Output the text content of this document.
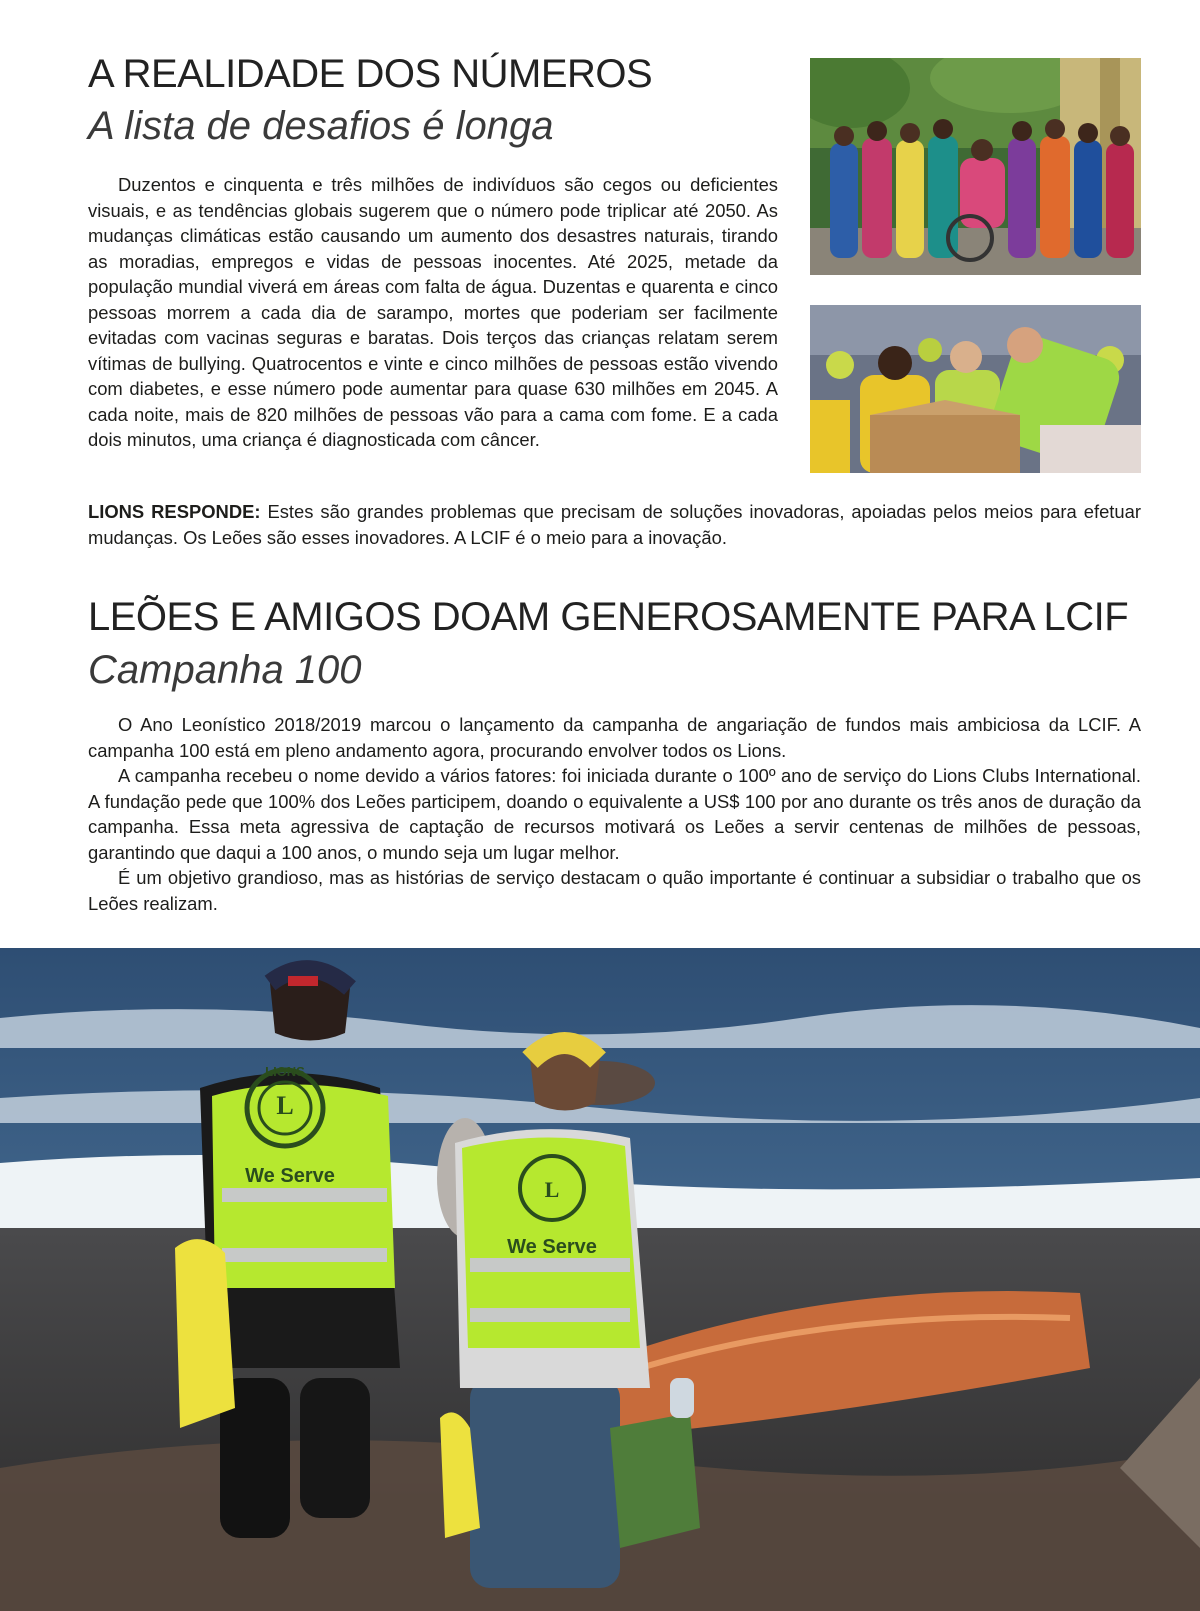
A REALIDADE DOS NÚMEROS
A lista de desafios é longa

Duzentos e cinquenta e três milhões de indivíduos são cegos ou deficientes visuais, e as tendências globais sugerem que o número pode triplicar até 2050. As mudanças climáticas estão causando um aumento dos desastres naturais, tirando as moradias, empregos e vidas de pessoas inocentes. Até 2025, metade da população mundial viverá em áreas com falta de água. Duzentas e quarenta e cinco pessoas morrem a cada dia de sarampo, mortes que poderiam ser facilmente evitadas com vacinas seguras e baratas. Dois terços das crianças relatam serem vítimas de bullying. Quatrocentos e vinte e cinco milhões de pessoas estão vivendo com diabetes, e esse número pode aumentar para quase 630 milhões em 2045. A cada noite, mais de 820 milhões de pessoas vão para a cama com fome. E a cada dois minutos, uma criança é diagnosticada com câncer.

LIONS RESPONDE: Estes são grandes problemas que precisam de soluções inovadoras, apoiadas pelos meios para efetuar mudanças. Os Leões são esses inovadores. A LCIF é o meio para a inovação.

LEÕES E AMIGOS DOAM GENEROSAMENTE PARA LCIF
Campanha 100

O Ano Leonístico 2018/2019 marcou o lançamento da campanha de angariação de fundos mais ambiciosa da LCIF. A campanha 100 está em pleno andamento agora, procurando envolver todos os Lions.

A campanha recebeu o nome devido a vários fatores: foi iniciada durante o 100º ano de serviço do Lions Clubs International. A fundação pede que 100% dos Leões participem, doando o equivalente a US$ 100 por ano durante os três anos de duração da campanha. Essa meta agressiva de captação de recursos motivará os Leões a servir centenas de milhões de pessoas, garantindo que daqui a 100 anos, o mundo seja um lugar melhor.

É um objetivo grandioso, mas as histórias de serviço destacam o quão importante é continuar a subsidiar o trabalho que os Leões realizam.

LIONS
L
We Serve
L
We Serve
